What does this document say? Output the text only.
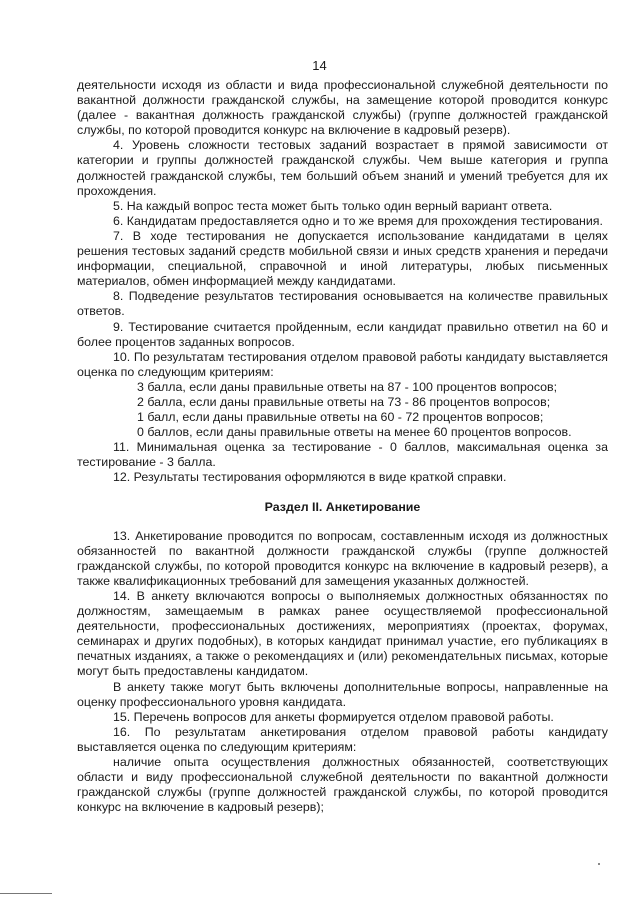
14

деятельности исходя из области и вида профессиональной служебной деятельности по вакантной должности гражданской службы, на замещение которой проводится конкурс (далее - вакантная должность гражданской службы) (группе должностей гражданской службы, по которой проводится конкурс на включение в кадровый резерв).

4. Уровень сложности тестовых заданий возрастает в прямой зависимости от категории и группы должностей гражданской службы. Чем выше категория и группа должностей гражданской службы, тем больший объем знаний и умений требуется для их прохождения.

5. На каждый вопрос теста может быть только один верный вариант ответа.

6. Кандидатам предоставляется одно и то же время для прохождения тестирования.

7. В ходе тестирования не допускается использование кандидатами в целях решения тестовых заданий средств мобильной связи и иных средств хранения и передачи информации, специальной, справочной и иной литературы, любых письменных материалов, обмен информацией между кандидатами.

8. Подведение результатов тестирования основывается на количестве правильных ответов.

9. Тестирование считается пройденным, если кандидат правильно ответил на 60 и более процентов заданных вопросов.

10. По результатам тестирования отделом правовой работы кандидату выставляется оценка по следующим критериям:

3 балла, если даны правильные ответы на 87 - 100 процентов вопросов;

2 балла, если даны правильные ответы на 73 - 86 процентов вопросов;

1 балл, если даны правильные ответы на 60 - 72 процентов вопросов;

0 баллов, если даны правильные ответы на менее 60 процентов вопросов.

11. Минимальная оценка за тестирование - 0 баллов, максимальная оценка за тестирование - 3 балла.

12. Результаты тестирования оформляются в виде краткой справки.

Раздел II. Анкетирование

13. Анкетирование проводится по вопросам, составленным исходя из должностных обязанностей по вакантной должности гражданской службы (группе должностей гражданской службы, по которой проводится конкурс на включение в кадровый резерв), а также квалификационных требований для замещения указанных должностей.

14. В анкету включаются вопросы о выполняемых должностных обязанностях по должностям, замещаемым в рамках ранее осуществляемой профессиональной деятельности, профессиональных достижениях, мероприятиях (проектах, форумах, семинарах и других подобных), в которых кандидат принимал участие, его публикациях в печатных изданиях, а также о рекомендациях и (или) рекомендательных письмах, которые могут быть предоставлены кандидатом.

В анкету также могут быть включены дополнительные вопросы, направленные на оценку профессионального уровня кандидата.

15. Перечень вопросов для анкеты формируется отделом правовой работы.

16. По результатам анкетирования отделом правовой работы кандидату выставляется оценка по следующим критериям:

наличие опыта осуществления должностных обязанностей, соответствующих области и виду профессиональной служебной деятельности по вакантной должности гражданской службы (группе должностей гражданской службы, по которой проводится конкурс на включение в кадровый резерв);
